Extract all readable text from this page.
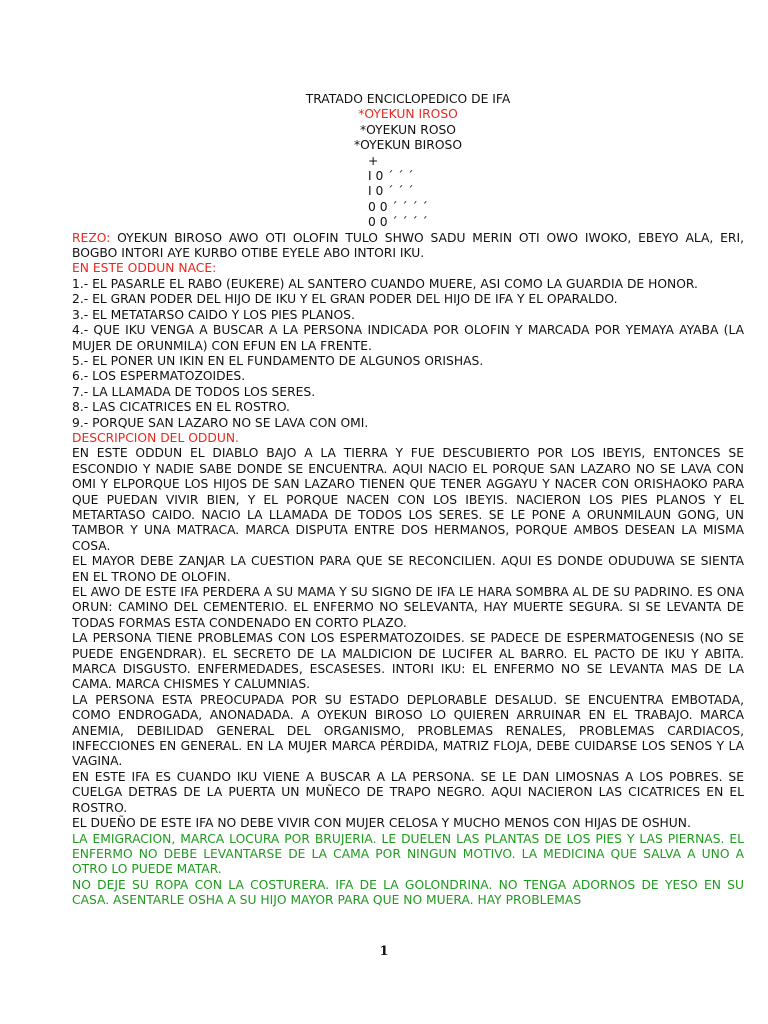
TRATADO ENCICLOPEDICO DE IFA

*OYEKUN IROSO

*OYEKUN ROSO

*OYEKUN BIROSO

+

I 0 ´ ´ ´

I 0 ´ ´ ´

0 0 ´ ´ ´ ´

0 0 ´ ´ ´ ´

REZO: OYEKUN BIROSO AWO OTI OLOFIN TULO SHWO SADU MERIN OTI OWO IWOKO, EBEYO ALA, ERI, BOGBO INTORI AYE KURBO OTIBE EYELE ABO INTORI IKU.

EN ESTE ODDUN NACE:

1.- EL PASARLE EL RABO (EUKERE) AL SANTERO CUANDO MUERE, ASI COMO LA GUARDIA DE HONOR.

2.- EL GRAN PODER DEL HIJO DE IKU Y EL GRAN PODER DEL HIJO DE IFA Y EL OPARALDO.

3.- EL METATARSO CAIDO Y LOS PIES PLANOS.

4.- QUE IKU VENGA A BUSCAR A LA PERSONA INDICADA POR OLOFIN Y MARCADA POR YEMAYA AYABA (LA MUJER DE ORUNMILA) CON EFUN EN LA FRENTE.

5.- EL PONER UN IKIN EN EL FUNDAMENTO DE ALGUNOS ORISHAS.

6.- LOS ESPERMATOZOIDES.

7.- LA LLAMADA DE TODOS LOS SERES.

8.- LAS CICATRICES EN EL ROSTRO.

9.- PORQUE SAN LAZARO NO SE LAVA CON OMI.

DESCRIPCION DEL ODDUN.

EN ESTE ODDUN EL DIABLO BAJO A LA TIERRA Y FUE DESCUBIERTO POR LOS IBEYIS, ENTONCES SE ESCONDIO Y NADIE SABE DONDE SE ENCUENTRA. AQUI NACIO EL PORQUE SAN LAZARO NO SE LAVA CON OMI Y ELPORQUE LOS HIJOS DE SAN LAZARO TIENEN QUE TENER AGGAYU Y NACER CON ORISHAOKO PARA QUE PUEDAN VIVIR BIEN, Y EL PORQUE NACEN CON LOS IBEYIS. NACIERON LOS PIES PLANOS Y EL METARTASO CAIDO. NACIO LA LLAMADA DE TODOS LOS SERES. SE LE PONE A ORUNMILAUN GONG, UN TAMBOR Y UNA MATRACA. MARCA DISPUTA ENTRE DOS HERMANOS, PORQUE AMBOS DESEAN LA MISMA COSA.

EL MAYOR DEBE ZANJAR LA CUESTION PARA QUE SE RECONCILIEN. AQUI ES DONDE ODUDUWA SE SIENTA EN EL TRONO DE OLOFIN.

EL AWO DE ESTE IFA PERDERA A SU MAMA Y SU SIGNO DE IFA LE HARA SOMBRA AL DE SU PADRINO. ES ONA ORUN: CAMINO DEL CEMENTERIO. EL ENFERMO NO SELEVANTA, HAY MUERTE SEGURA. SI SE LEVANTA DE TODAS FORMAS ESTA CONDENADO EN CORTO PLAZO.

LA PERSONA TIENE PROBLEMAS CON LOS ESPERMATOZOIDES. SE PADECE DE ESPERMATOGENESIS (NO SE PUEDE ENGENDRAR). EL SECRETO DE LA MALDICION DE LUCIFER AL BARRO. EL PACTO DE IKU Y ABITA. MARCA DISGUSTO. ENFERMEDADES, ESCASESES. INTORI IKU: EL ENFERMO NO SE LEVANTA MAS DE LA CAMA. MARCA CHISMES Y CALUMNIAS.

LA PERSONA ESTA PREOCUPADA POR SU ESTADO DEPLORABLE DESALUD. SE ENCUENTRA EMBOTADA, COMO ENDROGADA, ANONADADA. A OYEKUN BIROSO LO QUIEREN ARRUINAR EN EL TRABAJO. MARCA ANEMIA, DEBILIDAD GENERAL DEL ORGANISMO, PROBLEMAS RENALES, PROBLEMAS CARDIACOS, INFECCIONES EN GENERAL. EN LA MUJER MARCA PÉRDIDA, MATRIZ FLOJA, DEBE CUIDARSE LOS SENOS Y LA VAGINA.

EN ESTE IFA ES CUANDO IKU VIENE A BUSCAR A LA PERSONA. SE LE DAN LIMOSNAS A LOS POBRES. SE CUELGA DETRAS DE LA PUERTA UN MUÑECO DE TRAPO NEGRO. AQUI NACIERON LAS CICATRICES EN EL ROSTRO.

EL DUEÑO DE ESTE IFA NO DEBE VIVIR CON MUJER CELOSA Y MUCHO MENOS CON HIJAS DE OSHUN.

LA EMIGRACION, MARCA LOCURA POR BRUJERIA. LE DUELEN LAS PLANTAS DE LOS PIES Y LAS PIERNAS. EL ENFERMO NO DEBE LEVANTARSE DE LA CAMA POR NINGUN MOTIVO. LA MEDICINA QUE SALVA A UNO A OTRO LO PUEDE MATAR.

NO DEJE SU ROPA CON LA COSTURERA. IFA DE LA GOLONDRINA. NO TENGA ADORNOS DE YESO EN SU CASA. ASENTARLE OSHA A SU HIJO MAYOR PARA QUE NO MUERA. HAY PROBLEMAS

1
